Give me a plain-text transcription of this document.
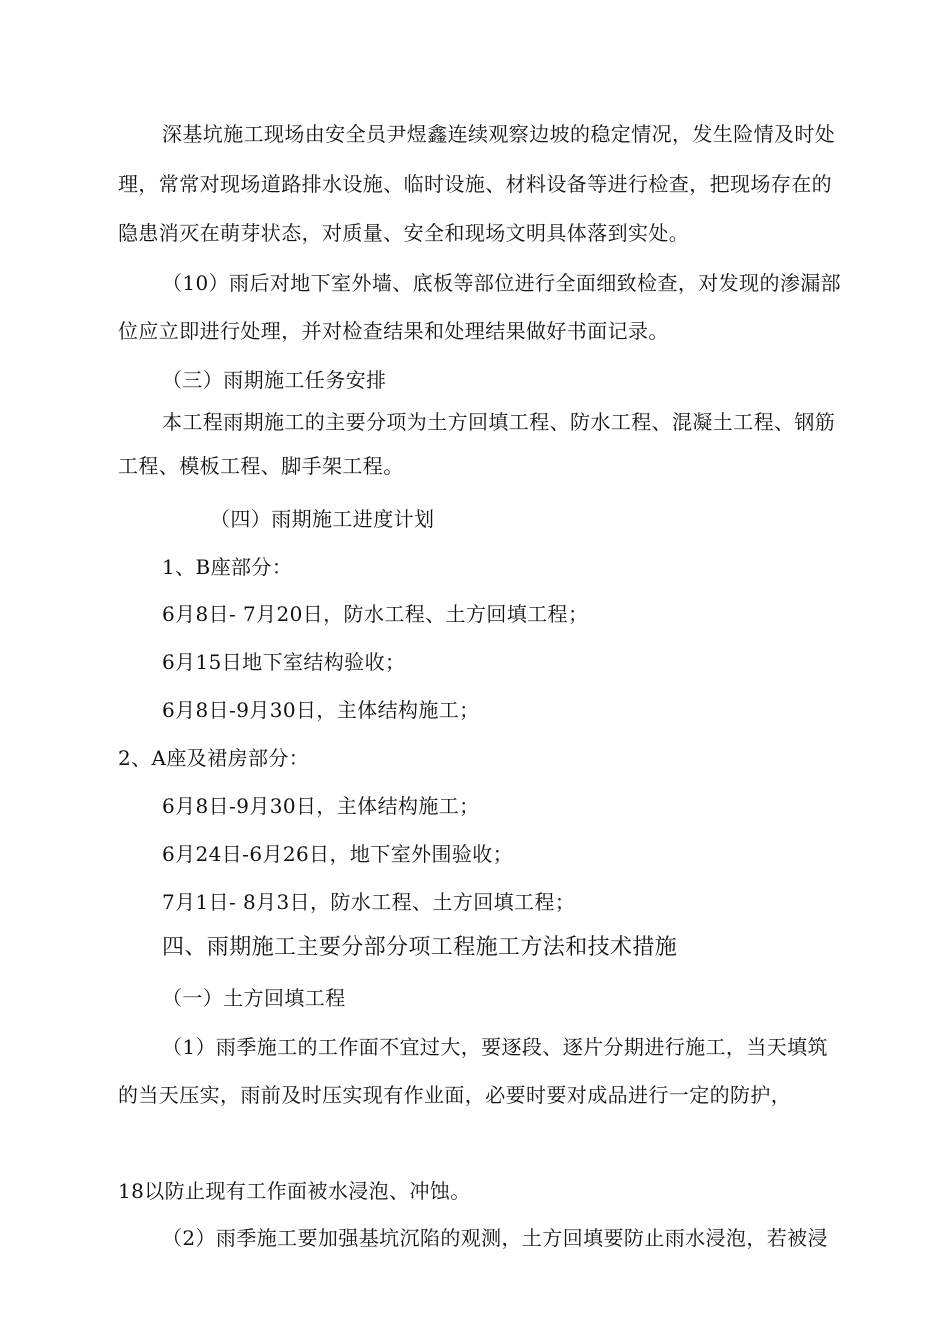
深基坑施工现场由安全员尹煜鑫连续观察边坡的稳定情况，发生险情及时处
理，常常对现场道路排水设施、临时设施、材料设备等进行检查，把现场存在的
隐患消灭在萌芽状态，对质量、安全和现场文明具体落到实处。
（10）雨后对地下室外墙、底板等部位进行全面细致检查，对发现的渗漏部
位应立即进行处理，并对检查结果和处理结果做好书面记录。
（三）雨期施工任务安排
本工程雨期施工的主要分项为土方回填工程、防水工程、混凝土工程、钢筋
工程、模板工程、脚手架工程。
（四）雨期施工进度计划
1、B座部分：
6月8日- 7月20日，防水工程、土方回填工程；
6月15日地下室结构验收；
6月8日-9月30日，主体结构施工；
2、A座及裙房部分：
6月8日-9月30日，主体结构施工；
6月24日-6月26日，地下室外围验收；
7月1日- 8月3日，防水工程、土方回填工程；
四、雨期施工主要分部分项工程施工方法和技术措施
（一）土方回填工程
（1）雨季施工的工作面不宜过大，要逐段、逐片分期进行施工，当天填筑
的当天压实，雨前及时压实现有作业面，必要时要对成品进行一定的防护，
18以防止现有工作面被水浸泡、冲蚀。
（2）雨季施工要加强基坑沉陷的观测，土方回填要防止雨水浸泡，若被浸
